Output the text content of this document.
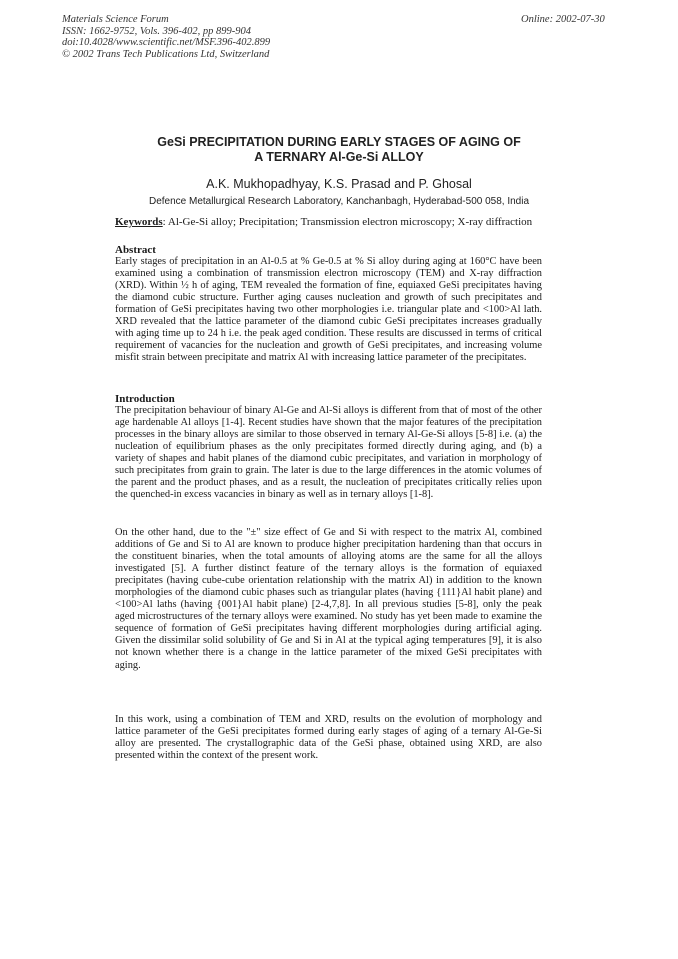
Materials Science Forum
ISSN: 1662-9752, Vols. 396-402, pp 899-904
doi:10.4028/www.scientific.net/MSF.396-402.899
© 2002 Trans Tech Publications Ltd, Switzerland
Online: 2002-07-30
GeSi PRECIPITATION DURING EARLY STAGES OF AGING OF
A TERNARY Al-Ge-Si ALLOY
A.K. Mukhopadhyay, K.S. Prasad and P. Ghosal
Defence Metallurgical Research Laboratory, Kanchanbagh, Hyderabad-500 058, India
Keywords: Al-Ge-Si alloy; Precipitation; Transmission electron microscopy; X-ray diffraction
Abstract

Early stages of precipitation in an Al-0.5 at % Ge-0.5 at % Si alloy during aging at 160°C have been examined using a combination of transmission electron microscopy (TEM) and X-ray diffraction (XRD). Within ½ h of aging, TEM revealed the formation of fine, equiaxed GeSi precipitates having the diamond cubic structure. Further aging causes nucleation and growth of such precipitates and formation of GeSi precipitates having two other morphologies i.e. triangular plate and <100>Al lath. XRD revealed that the lattice parameter of the diamond cubic GeSi precipitates increases gradually with aging time up to 24 h i.e. the peak aged condition. These results are discussed in terms of critical requirement of vacancies for the nucleation and growth of GeSi precipitates, and increasing volume misfit strain between precipitate and matrix Al with increasing lattice parameter of the precipitates.

Introduction

The precipitation behaviour of binary Al-Ge and Al-Si alloys is different from that of most of the other age hardenable Al alloys [1-4]. Recent studies have shown that the major features of the precipitation processes in the binary alloys are similar to those observed in ternary Al-Ge-Si alloys [5-8] i.e. (a) the nucleation of equilibrium phases as the only precipitates formed directly during aging, and (b) a variety of shapes and habit planes of the diamond cubic precipitates, and variation in morphology of such precipitates from grain to grain. The later is due to the large differences in the atomic volumes of the parent and the product phases, and as a result, the nucleation of precipitates critically relies upon the quenched-in excess vacancies in binary as well as in ternary alloys [1-8].

On the other hand, due to the "±" size effect of Ge and Si with respect to the matrix Al, combined additions of Ge and Si to Al are known to produce higher precipitation hardening than that occurs in the constituent binaries, when the total amounts of alloying atoms are the same for all the alloys investigated [5]. A further distinct feature of the ternary alloys is the formation of equiaxed precipitates (having cube-cube orientation relationship with the matrix Al) in addition to the known morphologies of the diamond cubic phases such as triangular plates (having {111}Al habit plane) and <100>Al laths (having {001}Al habit plane) [2-4,7,8]. In all previous studies [5-8], only the peak aged microstructures of the ternary alloys were examined. No study has yet been made to examine the sequence of formation of GeSi precipitates having different morphologies during artificial aging. Given the dissimilar solid solubility of Ge and Si in Al at the typical aging temperatures [9], it is also not known whether there is a change in the lattice parameter of the mixed GeSi precipitates with aging.

In this work, using a combination of TEM and XRD, results on the evolution of morphology and lattice parameter of the GeSi precipitates formed during early stages of aging of a ternary Al-Ge-Si alloy are presented. The crystallographic data of the GeSi phase, obtained using XRD, are also presented within the context of the present work.
